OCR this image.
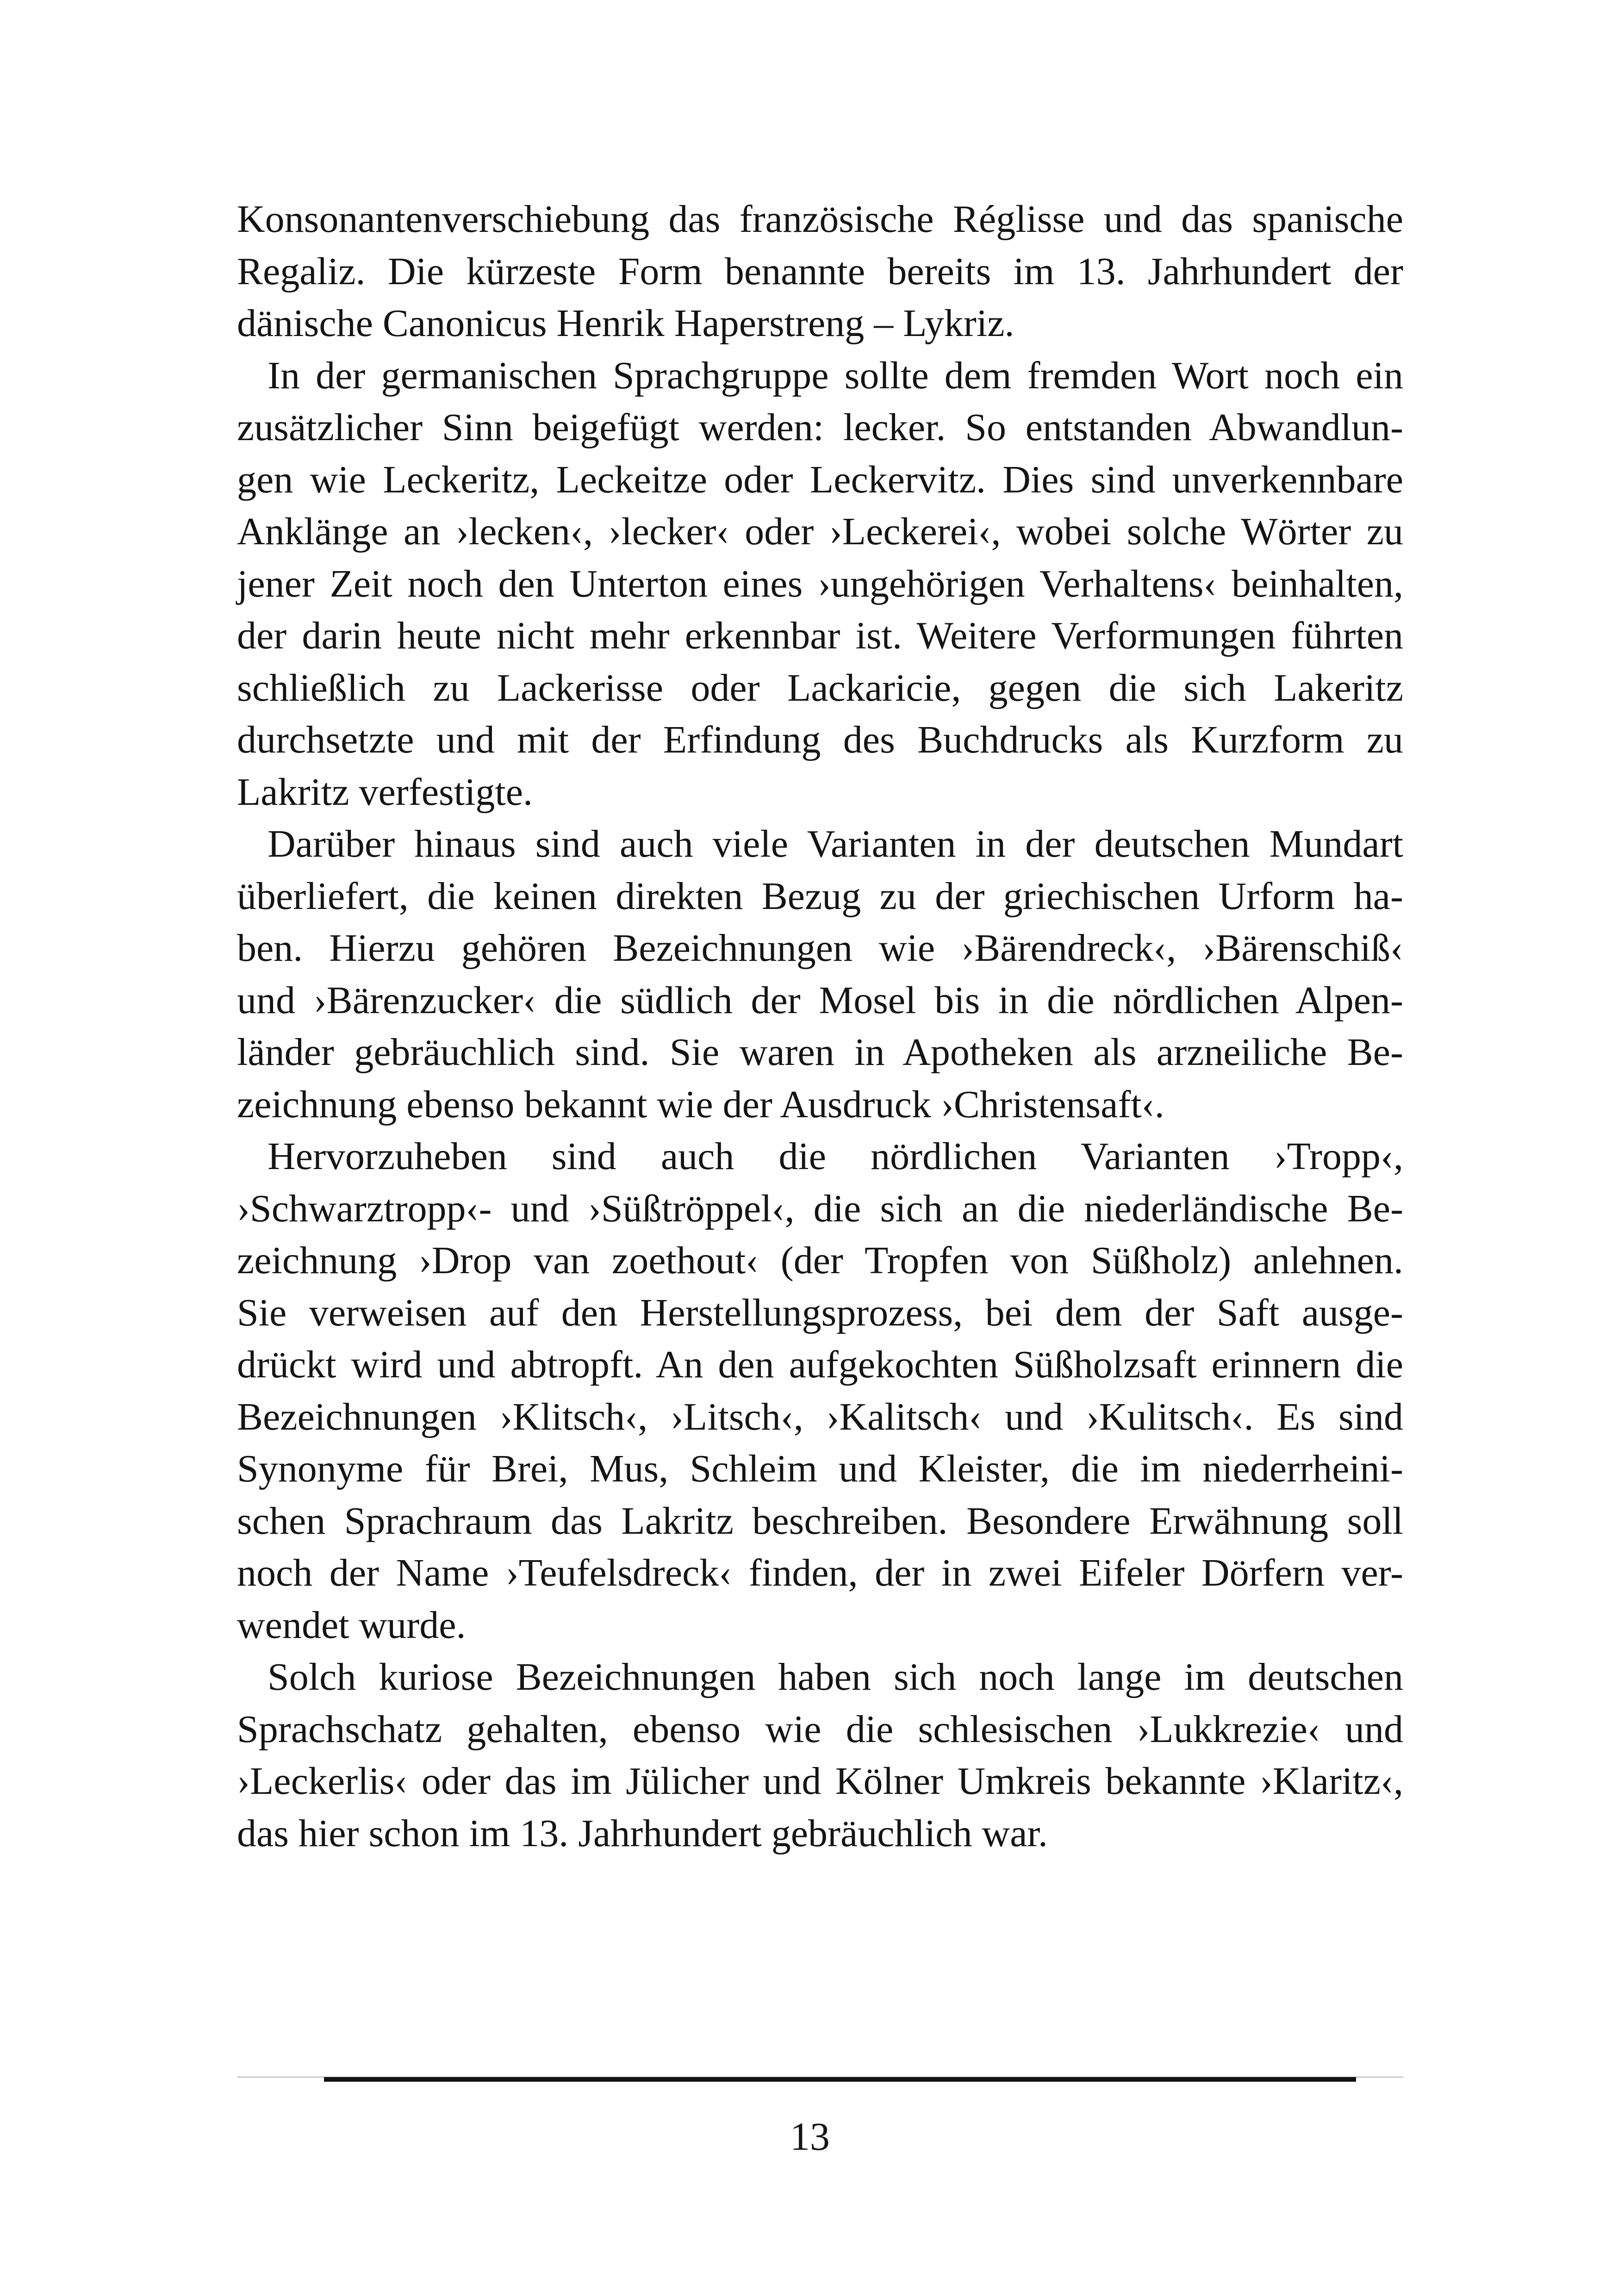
Konsonantenverschiebung das französische Réglisse und das spanische
Regaliz. Die kürzeste Form benannte bereits im 13. Jahrhundert der
dänische Canonicus Henrik Haperstreng – Lykriz.

In der germanischen Sprachgruppe sollte dem fremden Wort noch ein
zusätzlicher Sinn beigefügt werden: lecker. So entstanden Abwandlun-
gen wie Leckeritz, Leckeitze oder Leckervitz. Dies sind unverkennbare
Anklänge an ›lecken‹, ›lecker‹ oder ›Leckerei‹, wobei solche Wörter zu
jener Zeit noch den Unterton eines ›ungehörigen Verhaltens‹ beinhalten,
der darin heute nicht mehr erkennbar ist. Weitere Verformungen führten
schließlich zu Lackerisse oder Lackaricie, gegen die sich Lakeritz
durchsetzte und mit der Erfindung des Buchdrucks als Kurzform zu
Lakritz verfestigte.

Darüber hinaus sind auch viele Varianten in der deutschen Mundart
überliefert, die keinen direkten Bezug zu der griechischen Urform ha-
ben. Hierzu gehören Bezeichnungen wie ›Bärendreck‹, ›Bärenschiß‹
und ›Bärenzucker‹ die südlich der Mosel bis in die nördlichen Alpen-
länder gebräuchlich sind. Sie waren in Apotheken als arzneiliche Be-
zeichnung ebenso bekannt wie der Ausdruck ›Christensaft‹.

Hervorzuheben sind auch die nördlichen Varianten ›Tropp‹,
›Schwarztropp‹- und ›Süßtröppel‹, die sich an die niederländische Be-
zeichnung ›Drop van zoethout‹ (der Tropfen von Süßholz) anlehnen.
Sie verweisen auf den Herstellungsprozess, bei dem der Saft ausge-
drückt wird und abtropft. An den aufgekochten Süßholzsaft erinnern die
Bezeichnungen ›Klitsch‹, ›Litsch‹, ›Kalitsch‹ und ›Kulitsch‹. Es sind
Synonyme für Brei, Mus, Schleim und Kleister, die im niederrheini-
schen Sprachraum das Lakritz beschreiben. Besondere Erwähnung soll
noch der Name ›Teufelsdreck‹ finden, der in zwei Eifeler Dörfern ver-
wendet wurde.

Solch kuriose Bezeichnungen haben sich noch lange im deutschen
Sprachschatz gehalten, ebenso wie die schlesischen ›Lukkrezie‹ und
›Leckerlis‹ oder das im Jülicher und Kölner Umkreis bekannte ›Klaritz‹,
das hier schon im 13. Jahrhundert gebräuchlich war.

13
